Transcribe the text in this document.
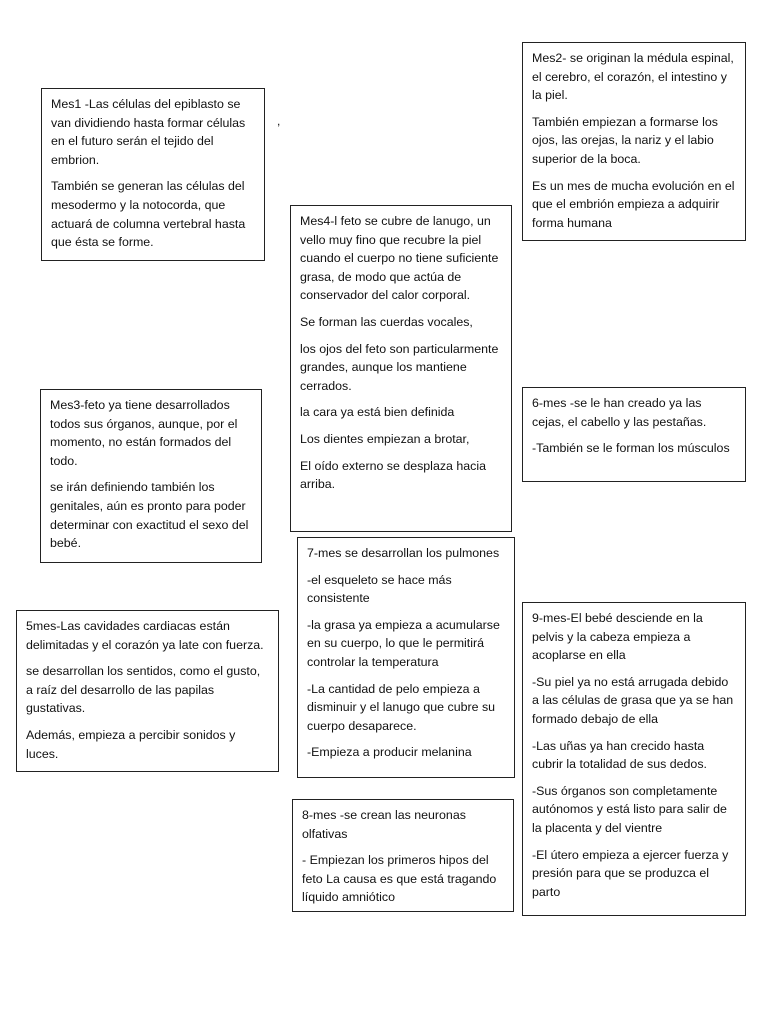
,

Mes1 -Las células del epiblasto se van dividiendo hasta formar células en el futuro serán el tejido del embrion.

También se generan las células del mesodermo y la notocorda, que actuará de columna vertebral hasta que ésta se forme.

Mes2- se originan la médula espinal, el cerebro, el corazón, el intestino y la piel.

También empiezan a formarse los ojos, las orejas, la nariz y el labio superior de la boca.

Es un mes de mucha evolución en el que el embrión empieza a adquirir forma humana

Mes4-l feto se cubre de lanugo, un vello muy fino que recubre la piel cuando el cuerpo no tiene suficiente grasa, de modo que actúa de conservador del calor corporal.

Se forman las cuerdas vocales,

los ojos del feto son particularmente grandes, aunque los mantiene cerrados.

la cara ya está bien definida

Los dientes empiezan a brotar,

El oído externo se desplaza hacia arriba.

Mes3-feto ya tiene desarrollados todos sus órganos, aunque, por el momento, no están formados del todo.

se irán definiendo también los genitales, aún es pronto para poder determinar con exactitud el sexo del bebé.

6-mes -se le han creado ya las cejas, el cabello y las pestañas.

-También se le forman los músculos

7-mes se desarrollan los pulmones

-el esqueleto se hace más consistente

-la grasa ya empieza a acumularse en su cuerpo, lo que le permitirá controlar la temperatura

-La cantidad de pelo empieza a disminuir y el lanugo que cubre su cuerpo desaparece.

-Empieza a producir melanina

5mes-Las cavidades cardiacas están delimitadas y el corazón ya late con fuerza.

se desarrollan los sentidos, como el gusto, a raíz del desarrollo de las papilas gustativas.

Además, empieza a percibir sonidos y luces.

9-mes-El bebé desciende en la pelvis y la cabeza empieza a acoplarse en ella

-Su piel ya no está arrugada debido a las células de grasa que ya se han formado debajo de ella

-Las uñas ya han crecido hasta cubrir la totalidad de sus dedos.

-Sus órganos son completamente autónomos y está listo para salir de la placenta y del vientre

-El útero empieza a ejercer fuerza y presión para que se produzca el parto

8-mes -se crean las neuronas olfativas

- Empiezan los primeros hipos del feto La causa es que está tragando líquido amniótico
